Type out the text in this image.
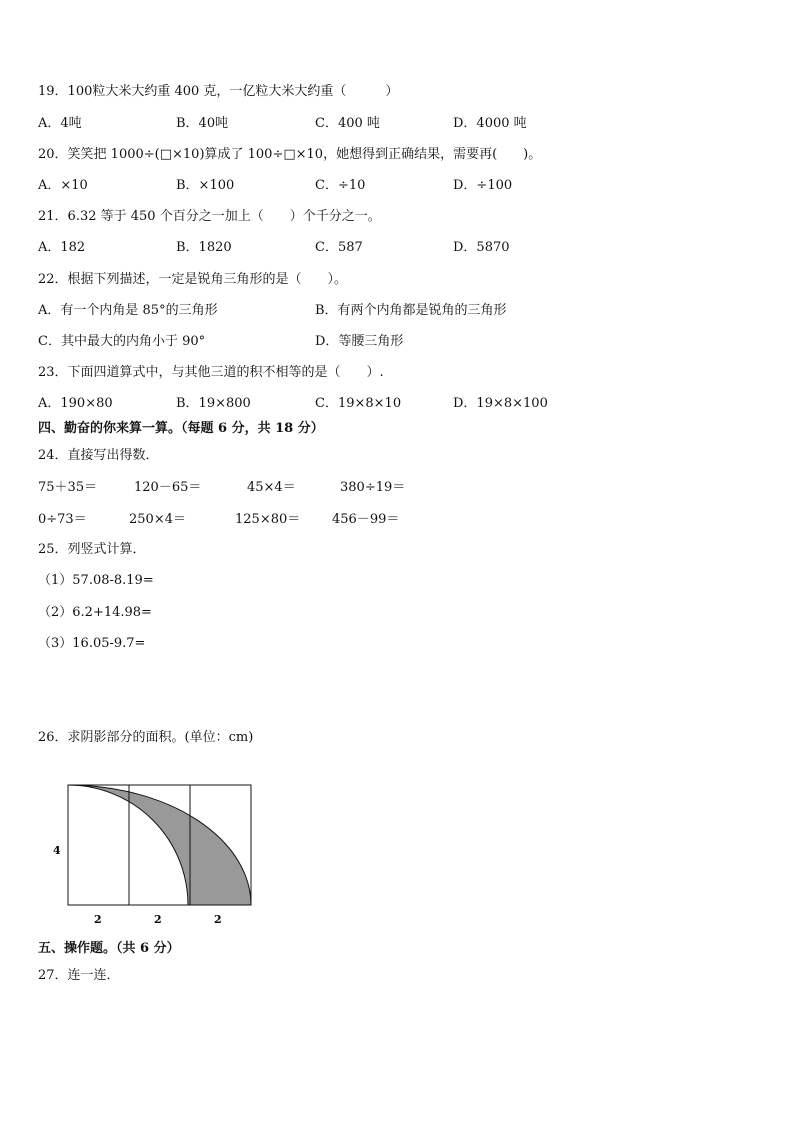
19．100粒大米大约重 400 克，一亿粒大米大约重（　　　）
A．4吨	B．40吨	C．400 吨	D．4000 吨
20．笑笑把 1000÷(□×10)算成了 100÷□×10，她想得到正确结果，需要再(　　)。
A．×10	B．×100	C．÷10	D．÷100
21．6.32 等于 450 个百分之一加上（　　）个千分之一。
A．182	B．1820	C．587	D．5870
22．根据下列描述，一定是锐角三角形的是（　　）。
A．有一个内角是 85°的三角形	B．有两个内角都是锐角的三角形
C．其中最大的内角小于 90°	D．等腰三角形
23．下面四道算式中，与其他三道的积不相等的是（　　）.
A．190×80	B．19×800	C．19×8×10	D．19×8×100
四、勤奋的你来算一算。（每题 6 分，共 18 分）
24．直接写出得数．
75＋35＝	120－65＝	45×4＝	380÷19＝
0÷73＝	250×4＝	125×80＝ 456－99＝
25．列竖式计算．
（1）57.08-8.19=
（2）6.2+14.98=
（3）16.05-9.7=
26．求阴影部分的面积。(单位：cm)
4
2	2	2
五、操作题。（共 6 分）
27．连一连．
